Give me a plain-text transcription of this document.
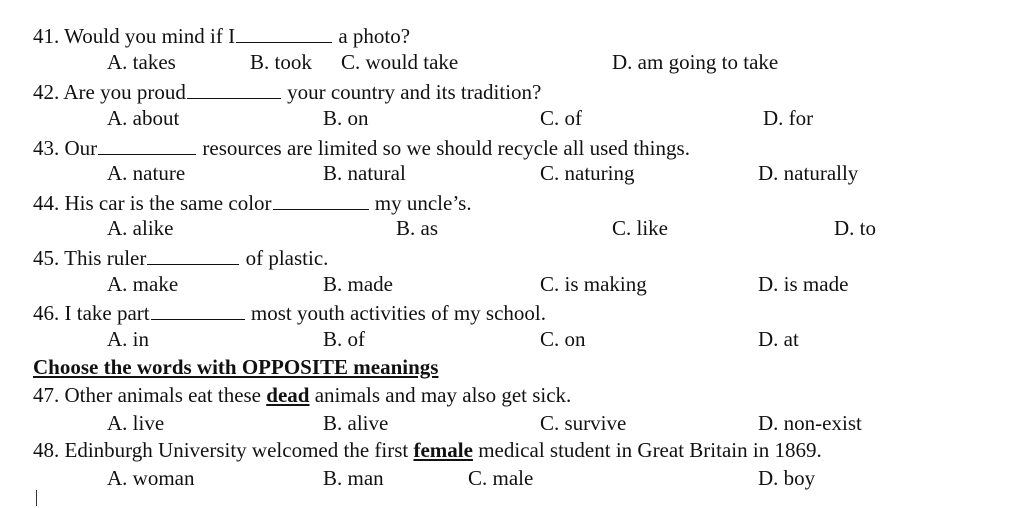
41. Would you mind if I	a photo?
A. takes	B. took C. would take	D. am going to take
42. Are you proud	your country and its tradition?
A. about	B. on	C. of	D. for
43. Our	resources are limited so we should recycle all used things.
A. nature	B. natural	C. naturing	D. naturally
44. His car is the same color	my uncle’s.
A. alike	B. as	C. like	D. to
45. This ruler	of plastic.
A. make	B. made	C. is making	D. is made
46. I take part	most youth activities of my school.
A. in	B. of	C. on	D. at
Choose the words with OPPOSITE meanings
47. Other animals eat these dead animals and may also get sick.
A. live	B. alive	C. survive	D. non-exist
48. Edinburgh University welcomed the first female medical student in Great Britain in 1869.
A. woman	B. man	C. male	D. boy
